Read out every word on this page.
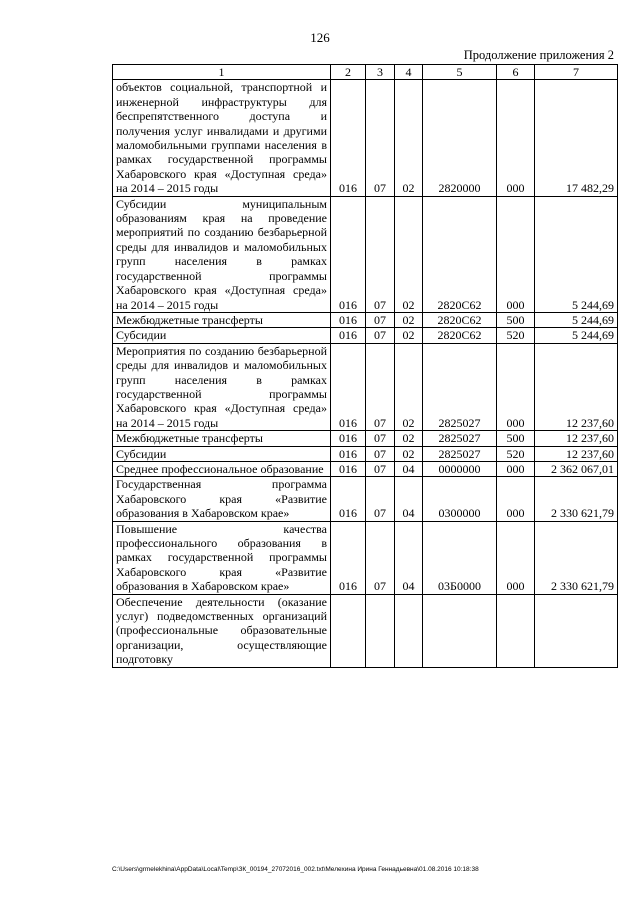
126
Продолжение приложения 2
1	2	3	4	5	6	7
объектов социальной, транспортной и инженерной инфраструктуры для беспрепятственного доступа и получения услуг инвалидами и другими маломобильными группами населения в рамках государственной программы Хабаровского края «Доступная среда» на 2014 – 2015 годы	016	07	02	2820000	000	17 482,29
Субсидии муниципальным образованиям края на проведение мероприятий по созданию безбарьерной среды для инвалидов и маломобильных групп населения в рамках государственной программы Хабаровского края «Доступная среда» на 2014 – 2015 годы	016	07	02	2820С62	000	5 244,69
Межбюджетные трансферты	016	07	02	2820С62	500	5 244,69
Субсидии	016	07	02	2820С62	520	5 244,69
Мероприятия по созданию безбарьерной среды для инвалидов и маломобильных групп населения в рамках государственной программы Хабаровского края «Доступная среда» на 2014 – 2015 годы	016	07	02	2825027	000	12 237,60
Межбюджетные трансферты	016	07	02	2825027	500	12 237,60
Субсидии	016	07	02	2825027	520	12 237,60
Среднее профессиональное образование	016	07	04	0000000	000	2 362 067,01
Государственная программа Хабаровского края «Развитие образования в Хабаровском крае»	016	07	04	0300000	000	2 330 621,79
Повышение качества профессионального образования в рамках государственной программы Хабаровского края «Развитие образования в Хабаровском крае»	016	07	04	03Б0000	000	2 330 621,79
Обеспечение деятельности (оказание услуг) подведомственных организаций (профессиональные образовательные организации, осуществляющие подготовку						
C:\Users\grmelekhina\AppData\Local\Temp\ЗК_00194_27072016_002.txt\Мелехина Ирина Геннадьевна\01.08.2016 10:18:38
